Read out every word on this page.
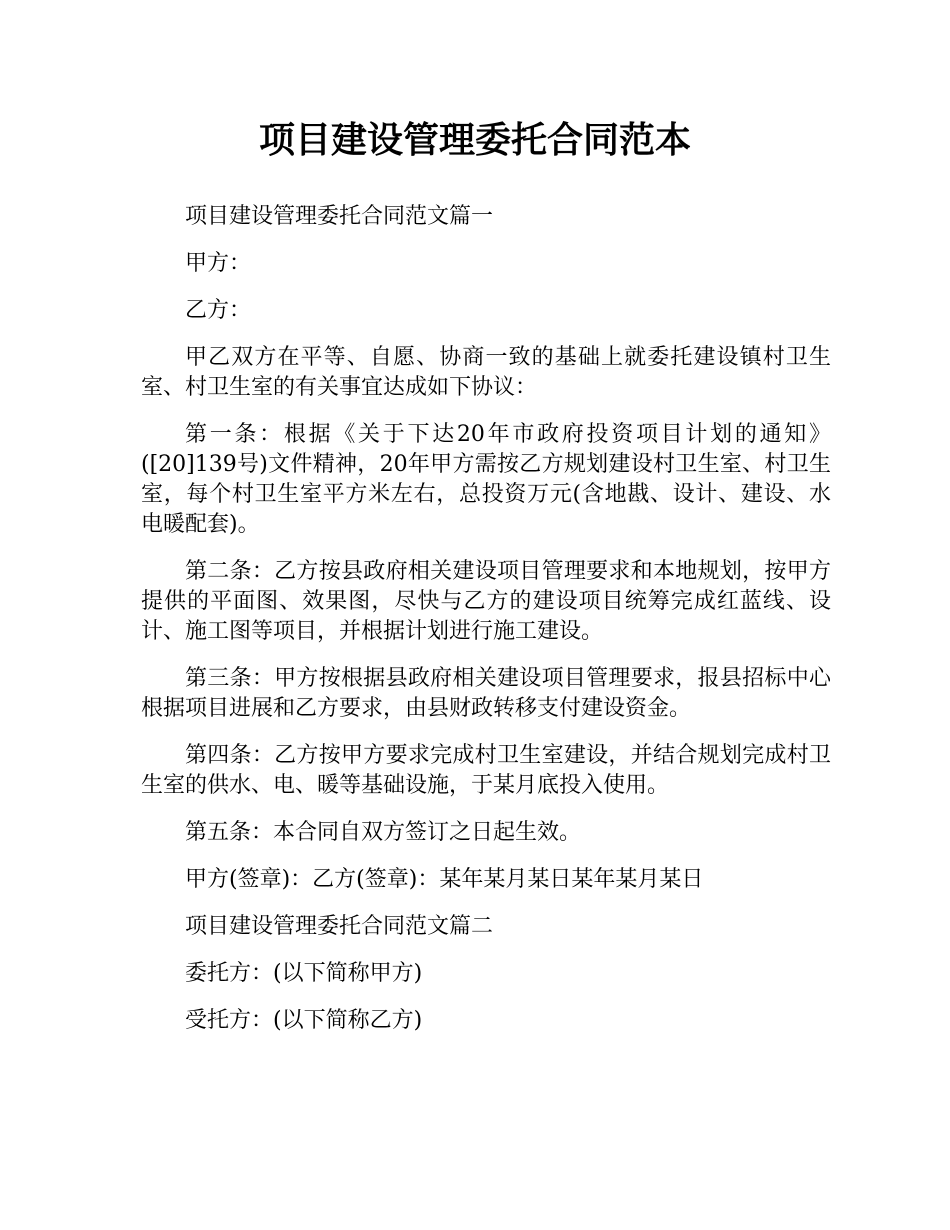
项目建设管理委托合同范本

项目建设管理委托合同范文篇一

甲方：

乙方：

甲乙双方在平等、自愿、协商一致的基础上就委托建设镇村卫生室、村卫生室的有关事宜达成如下协议：

第一条：根据《关于下达20年市政府投资项目计划的通知》([20]139号)文件精神，20年甲方需按乙方规划建设村卫生室、村卫生室，每个村卫生室平方米左右，总投资万元(含地戡、设计、建设、水电暖配套)。

第二条：乙方按县政府相关建设项目管理要求和本地规划，按甲方提供的平面图、效果图，尽快与乙方的建设项目统筹完成红蓝线、设计、施工图等项目，并根据计划进行施工建设。

第三条：甲方按根据县政府相关建设项目管理要求，报县招标中心根据项目进展和乙方要求，由县财政转移支付建设资金。

第四条：乙方按甲方要求完成村卫生室建设，并结合规划完成村卫生室的供水、电、暖等基础设施，于某月底投入使用。

第五条：本合同自双方签订之日起生效。

甲方(签章)：乙方(签章)：某年某月某日某年某月某日

项目建设管理委托合同范文篇二

委托方：(以下简称甲方)

受托方：(以下简称乙方)
